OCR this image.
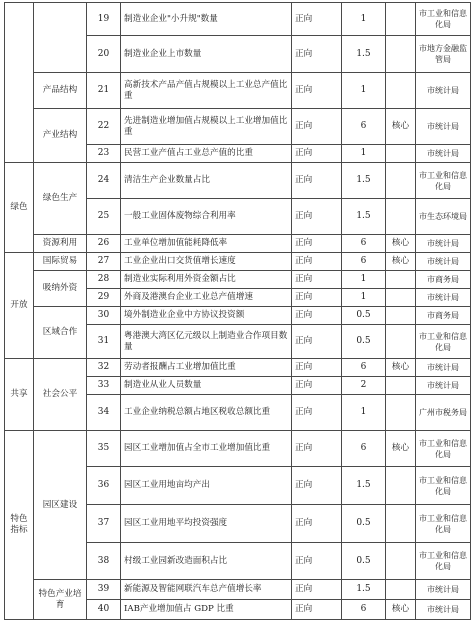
		19	制造业企业"小升规"数量	正向	1		市工业和信息化局
		20	制造业企业上市数量	正向	1.5		市地方金融监管局
	产品结构	21	高新技术产品产值占规模以上工业总产值比重	正向	1		市统计局
	产业结构	22	先进制造业增加值占规模以上工业增加值比重	正向	6	核心	市统计局
		23	民营工业产值占工业总产值的比重	正向	1		市统计局
绿色	绿色生产	24	清洁生产企业数量占比	正向	1.5		市工业和信息化局
		25	一般工业固体废物综合利用率	正向	1.5		市生态环境局
	资源利用	26	工业单位增加值能耗降低率	正向	6	核心	市统计局
开放	国际贸易	27	工业企业出口交货值增长速度	正向	6	核心	市统计局
	吸纳外资	28	制造业实际利用外资金额占比	正向	1		市商务局
		29	外商及港澳台企业工业总产值增速	正向	1		市统计局
	区域合作	30	境外制造业企业中方协议投资额	正向	0.5		市商务局
		31	粤港澳大湾区亿元级以上制造业合作项目数量	正向	0.5		市工业和信息化局
共享	社会公平	32	劳动者报酬占工业增加值比重	正向	6	核心	市统计局
		33	制造业从业人员数量	正向	2		市统计局
		34	工业企业纳税总额占地区税收总额比重	正向	1		广州市税务局
特色指标	园区建设	35	园区工业增加值占全市工业增加值比重	正向	6	核心	市工业和信息化局
		36	园区工业用地亩均产出	正向	1.5		市工业和信息化局
		37	园区工业用地平均投资强度	正向	0.5		市工业和信息化局
		38	村级工业园新改造面积占比	正向	0.5		市工业和信息化局
	特色产业培育	39	新能源及智能网联汽车总产值增长率	正向	1.5		市统计局
		40	IAB产业增加值占 GDP 比重	正向	6	核心	市统计局
